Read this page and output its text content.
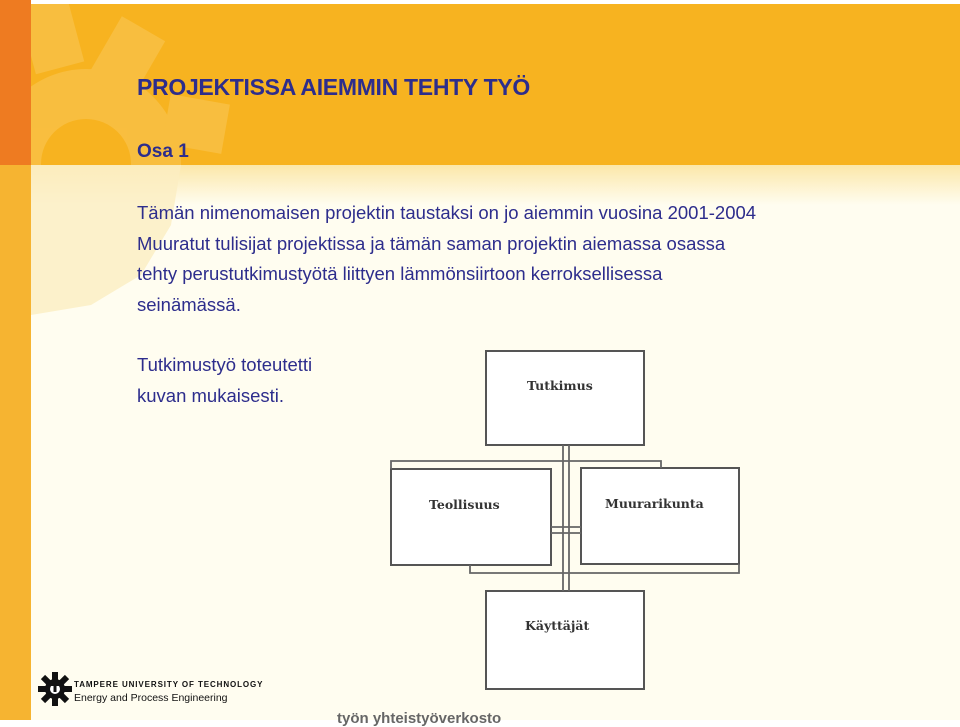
PROJEKTISSA AIEMMIN TEHTY TYÖ
Osa 1

Tämän nimenomaisen projektin taustaksi on jo aiemmin vuosina 2001-2004
Muuratut tulisijat projektissa ja tämän saman projektin aiemassa osassa
tehty perustutkimustyötä liittyen lämmönsiirtoon kerroksellisessa
seinämässä.

Tutkimustyö toteutetti
kuvan mukaisesti.	Tutkimus
Teollisuus	Muurarikunta
Käyttäjät

TAMPERE UNIVERSITY OF TECHNOLOGY

Energy and Process Engineering

työn yhteistyöverkosto
